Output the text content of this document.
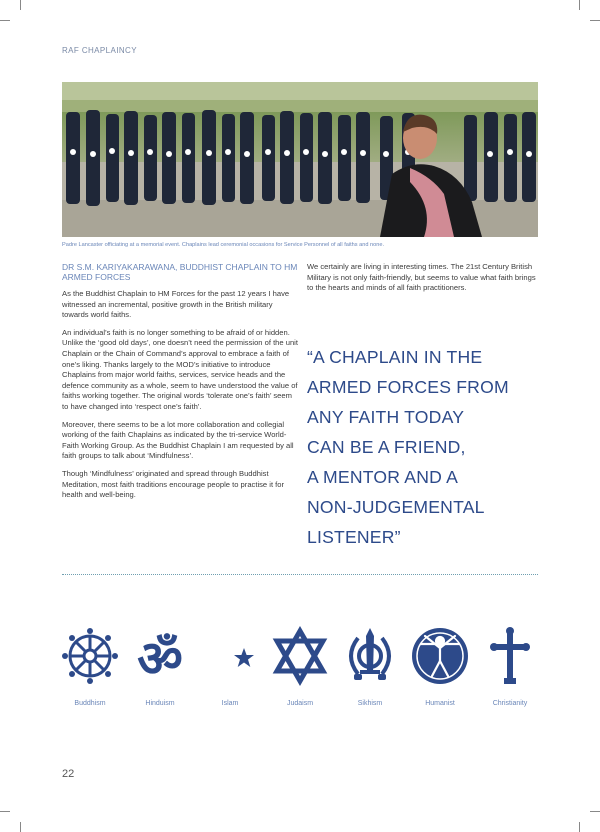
RAF CHAPLAINCY
Padre Lancaster officiating at a memorial event. Chaplains lead ceremonial occasions for Service Personnel of all faiths and none.

DR S.M. KARIYAKARAWANA, BUDDHIST CHAPLAIN TO HM ARMED FORCES

As the Buddhist Chaplain to HM Forces for the past 12 years I have witnessed an incremental, positive growth in the British military towards world faiths.

An individual’s faith is no longer something to be afraid of or hidden. Unlike the ‘good old days’, one doesn’t need the permission of the unit Chaplain or the Chain of Command’s approval to embrace a faith of one’s liking. Thanks largely to the MOD’s initiative to introduce Chaplains from major world faiths, services, service heads and the defence community as a whole, seem to have understood the value of faiths working together. The original words ‘tolerate one’s faith’ seem to have changed into ‘respect one’s faith’.

Moreover, there seems to be a lot more collaboration and collegial working of the faith Chaplains as indicated by the tri-service World-Faith Working Group. As the Buddhist Chaplain I am requested by all faith groups to talk about ‘Mindfulness’.

Though ‘Mindfulness’ originated and spread through Buddhist Meditation, most faith traditions encourage people to practise it for health and well-being.

We certainly are living in interesting times. The 21st Century British Military is not only faith-friendly, but seems to value what faith brings to the hearts and minds of all faith practitioners.

“A CHAPLAIN IN THE
ARMED FORCES FROM
ANY FAITH TODAY
CAN BE A FRIEND,
A MENTOR AND A
NON-JUDGEMENTAL
LISTENER”
Buddhism
ॐ
Hinduism	Islam	Judaism	Sikhism	Humanist	Christianity
22
